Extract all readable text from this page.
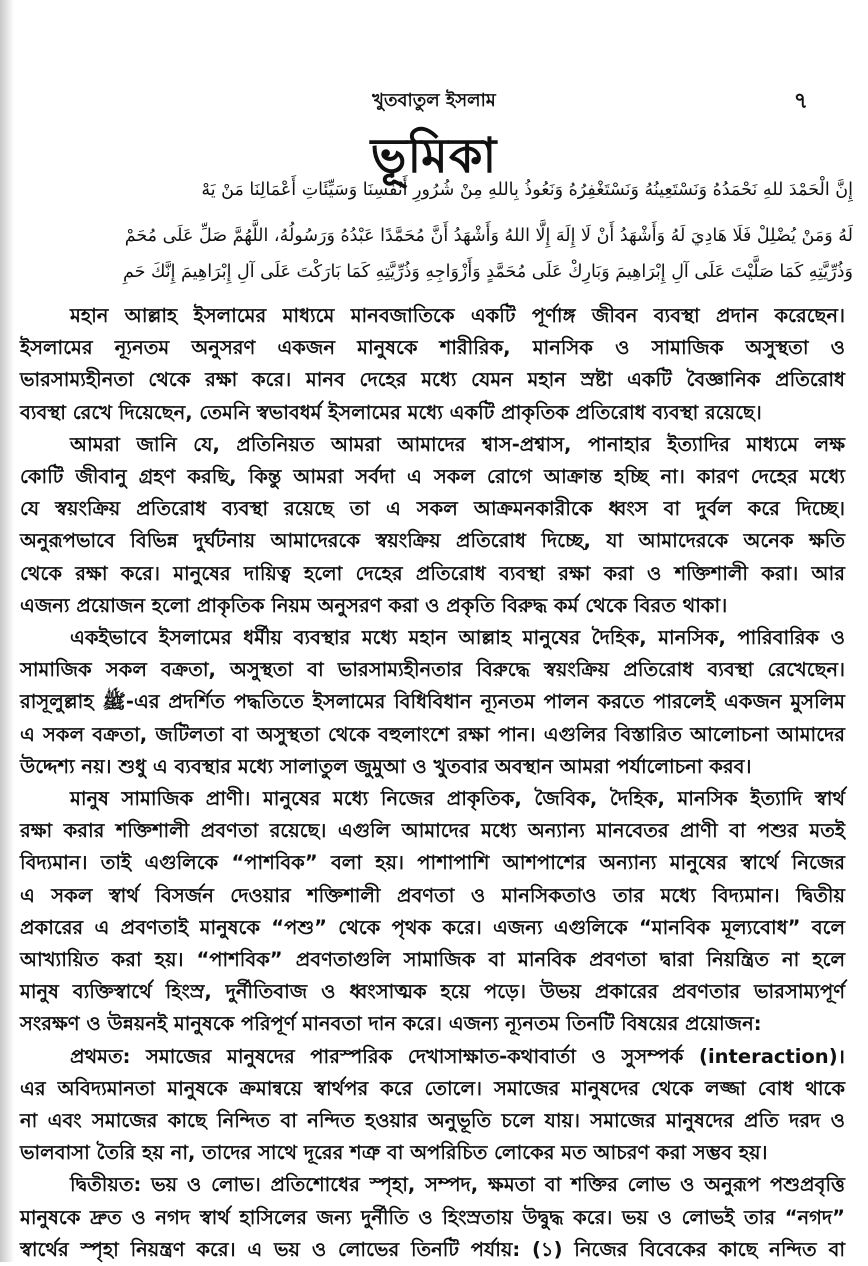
খুতবাতুল ইসলাম	৭
ভূমিকা
إِنَّ الْحَمْدَ للهِ نَحْمَدُهُ وَنَسْتَعِينُهُ وَنَسْتَغْفِرُهُ وَنَعُوذُ بِاللهِ مِنْ شُرُورِ أَنْفُسِنَا وَسَيِّئَاتِ أَعْمَالِنَا مَنْ يَهْ
لَهُ وَمَنْ يُضْلِلْ فَلَا هَادِيَ لَهُ وَأَشْهَدُ أَنْ لَا إِلَهَ إِلَّا اللهُ وَأَشْهَدُ أَنَّ مُحَمَّدًا عَبْدُهُ وَرَسُولُهُ، اللَّهُمَّ صَلِّ عَلَى مُحَمْ
وَذُرِّيَّتِهِ كَمَا صَلَّيْتَ عَلَى آلِ إِبْرَاهِيمَ وَبَارِكْ عَلَى مُحَمَّدٍ وَأَزْوَاجِهِ وَذُرِّيَّتِهِ كَمَا بَارَكْتَ عَلَى آلِ إِبْرَاهِيمَ إِنَّكَ حَمِ

মহান আল্লাহ ইসলামের মাধ্যমে মানবজাতিকে একটি পূর্ণাঙ্গ জীবন ব্যবস্থা প্রদান করেছেন।

ইসলামের ন্যূনতম অনুসরণ একজন মানুষকে শারীরিক, মানসিক ও সামাজিক অসুস্থতা ও

ভারসাম্যহীনতা থেকে রক্ষা করে। মানব দেহের মধ্যে যেমন মহান স্রষ্টা একটি বৈজ্ঞানিক প্রতিরোধ

ব্যবস্থা রেখে দিয়েছেন, তেমনি স্বভাবধর্ম ইসলামের মধ্যে একটি প্রাকৃতিক প্রতিরোধ ব্যবস্থা রয়েছে।

আমরা জানি যে, প্রতিনিয়ত আমরা আমাদের শ্বাস-প্রশ্বাস, পানাহার ইত্যাদির মাধ্যমে লক্ষ

কোটি জীবানু গ্রহণ করছি, কিন্তু আমরা সর্বদা এ সকল রোগে আক্রান্ত হচ্ছি না। কারণ দেহের মধ্যে

যে স্বয়ংক্রিয় প্রতিরোধ ব্যবস্থা রয়েছে তা এ সকল আক্রমনকারীকে ধ্বংস বা দুর্বল করে দিচ্ছে।

অনুরূপভাবে বিভিন্ন দুর্ঘটনায় আমাদেরকে স্বয়ংক্রিয় প্রতিরোধ দিচ্ছে, যা আমাদেরকে অনেক ক্ষতি

থেকে রক্ষা করে। মানুষের দায়িত্ব হলো দেহের প্রতিরোধ ব্যবস্থা রক্ষা করা ও শক্তিশালী করা। আর

এজন্য প্রয়োজন হলো প্রাকৃতিক নিয়ম অনুসরণ করা ও প্রকৃতি বিরুদ্ধ কর্ম থেকে বিরত থাকা।

একইভাবে ইসলামের ধর্মীয় ব্যবস্থার মধ্যে মহান আল্লাহ মানুষের দৈহিক, মানসিক, পারিবারিক ও

সামাজিক সকল বক্রতা, অসুস্থতা বা ভারসাম্যহীনতার বিরুদ্ধে স্বয়ংক্রিয় প্রতিরোধ ব্যবস্থা রেখেছেন।

রাসূলুল্লাহ ﷺ-এর প্রদর্শিত পদ্ধতিতে ইসলামের বিধিবিধান ন্যূনতম পালন করতে পারলেই একজন মুসলিম

এ সকল বক্রতা, জটিলতা বা অসুস্থতা থেকে বহুলাংশে রক্ষা পান। এগুলির বিস্তারিত আলোচনা আমাদের

উদ্দেশ্য নয়। শুধু এ ব্যবস্থার মধ্যে সালাতুল জুমুআ ও খুতবার অবস্থান আমরা পর্যালোচনা করব।

মানুষ সামাজিক প্রাণী। মানুষের মধ্যে নিজের প্রাকৃতিক, জৈবিক, দৈহিক, মানসিক ইত্যাদি স্বার্থ

রক্ষা করার শক্তিশালী প্রবণতা রয়েছে। এগুলি আমাদের মধ্যে অন্যান্য মানবেতর প্রাণী বা পশুর মতই

বিদ্যমান। তাই এগুলিকে “পাশবিক” বলা হয়। পাশাপাশি আশপাশের অন্যান্য মানুষের স্বার্থে নিজের

এ সকল স্বার্থ বিসর্জন দেওয়ার শক্তিশালী প্রবণতা ও মানসিকতাও তার মধ্যে বিদ্যমান। দ্বিতীয়

প্রকারের এ প্রবণতাই মানুষকে “পশু” থেকে পৃথক করে। এজন্য এগুলিকে “মানবিক মূল্যবোধ” বলে

আখ্যায়িত করা হয়। “পাশবিক” প্রবণতাগুলি সামাজিক বা মানবিক প্রবণতা দ্বারা নিয়ন্ত্রিত না হলে

মানুষ ব্যক্তিস্বার্থে হিংস্র, দুর্নীতিবাজ ও ধ্বংসাত্মক হয়ে পড়ে। উভয় প্রকারের প্রবণতার ভারসাম্যপূর্ণ

সংরক্ষণ ও উন্নয়নই মানুষকে পরিপূর্ণ মানবতা দান করে। এজন্য ন্যূনতম তিনটি বিষয়ের প্রয়োজন:

প্রথমত: সমাজের মানুষদের পারস্পরিক দেখাসাক্ষাত-কথাবার্তা ও সুসম্পর্ক (interaction)।

এর অবিদ্যমানতা মানুষকে ক্রমান্বয়ে স্বার্থপর করে তোলে। সমাজের মানুষদের থেকে লজ্জা বোধ থাকে

না এবং সমাজের কাছে নিন্দিত বা নন্দিত হওয়ার অনুভূতি চলে যায়। সমাজের মানুষদের প্রতি দরদ ও

ভালবাসা তৈরি হয় না, তাদের সাথে দূরের শত্রু বা অপরিচিত লোকের মত আচরণ করা সম্ভব হয়।

দ্বিতীয়ত: ভয় ও লোভ। প্রতিশোধের স্পৃহা, সম্পদ, ক্ষমতা বা শক্তির লোভ ও অনুরূপ পশুপ্রবৃত্তি

মানুষকে দ্রুত ও নগদ স্বার্থ হাসিলের জন্য দুর্নীতি ও হিংস্রতায় উদ্বুদ্ধ করে। ভয় ও লোভই তার “নগদ”

স্বার্থের স্পৃহা নিয়ন্ত্রণ করে। এ ভয় ও লোভের তিনটি পর্যায়: (১) নিজের বিবেকের কাছে নন্দিত বা
